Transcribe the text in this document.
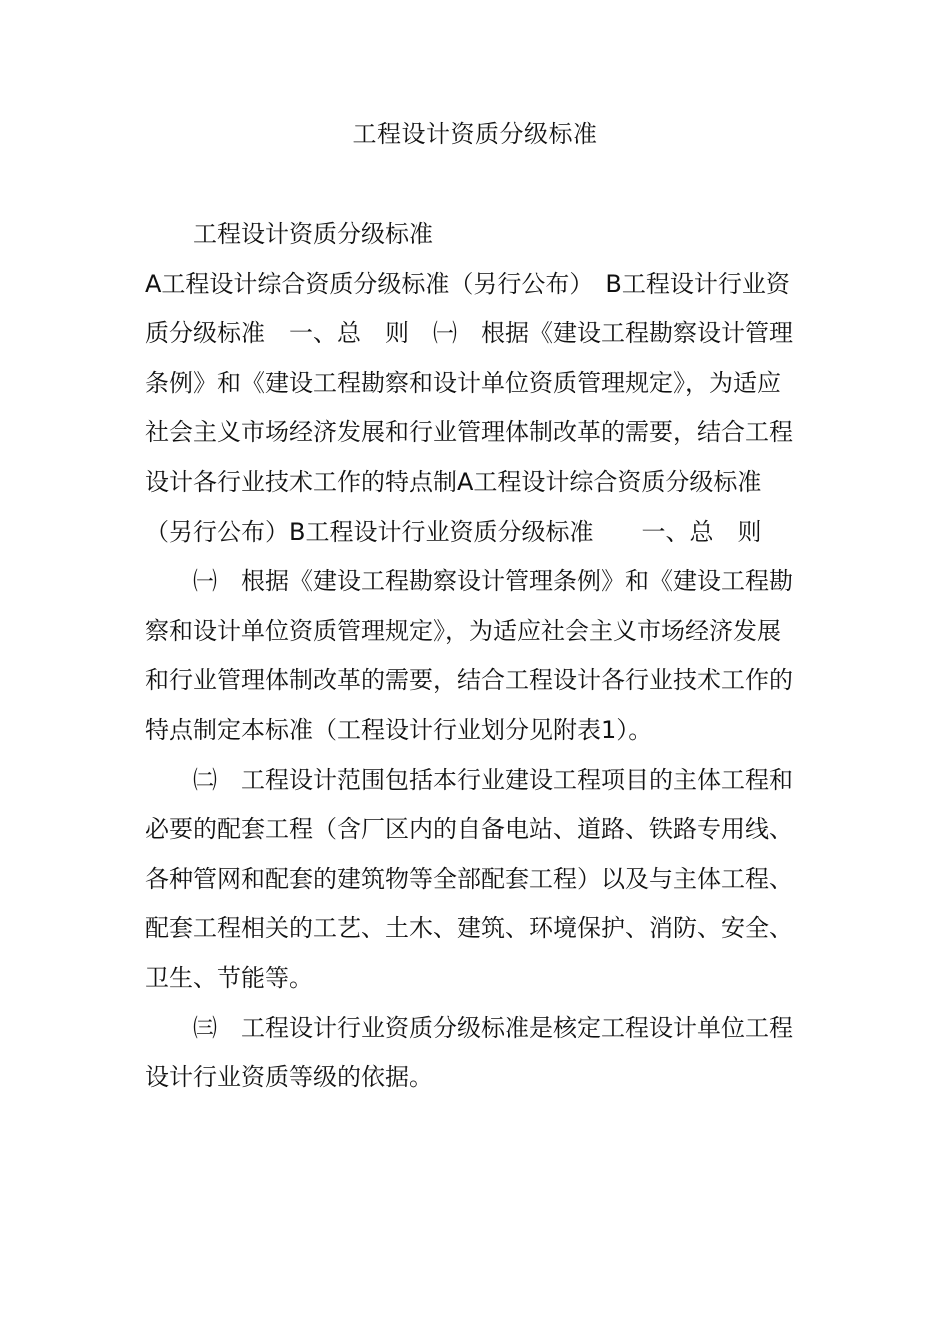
工程设计资质分级标准

工程设计资质分级标准

A工程设计综合资质分级标准（另行公布）　B工程设计行业资质分级标准　一、总　则　㈠　根据《建设工程勘察设计管理条例》和《建设工程勘察和设计单位资质管理规定》，为适应社会主义市场经济发展和行业管理体制改革的需要，结合工程设计各行业技术工作的特点制A工程设计综合资质分级标准（另行公布）B工程设计行业资质分级标准　　一、总　则

㈠　根据《建设工程勘察设计管理条例》和《建设工程勘察和设计单位资质管理规定》，为适应社会主义市场经济发展和行业管理体制改革的需要，结合工程设计各行业技术工作的特点制定本标准（工程设计行业划分见附表1）。

㈡　工程设计范围包括本行业建设工程项目的主体工程和必要的配套工程（含厂区内的自备电站、道路、铁路专用线、各种管网和配套的建筑物等全部配套工程）以及与主体工程、配套工程相关的工艺、土木、建筑、环境保护、消防、安全、卫生、节能等。

㈢　工程设计行业资质分级标准是核定工程设计单位工程设计行业资质等级的依据。
